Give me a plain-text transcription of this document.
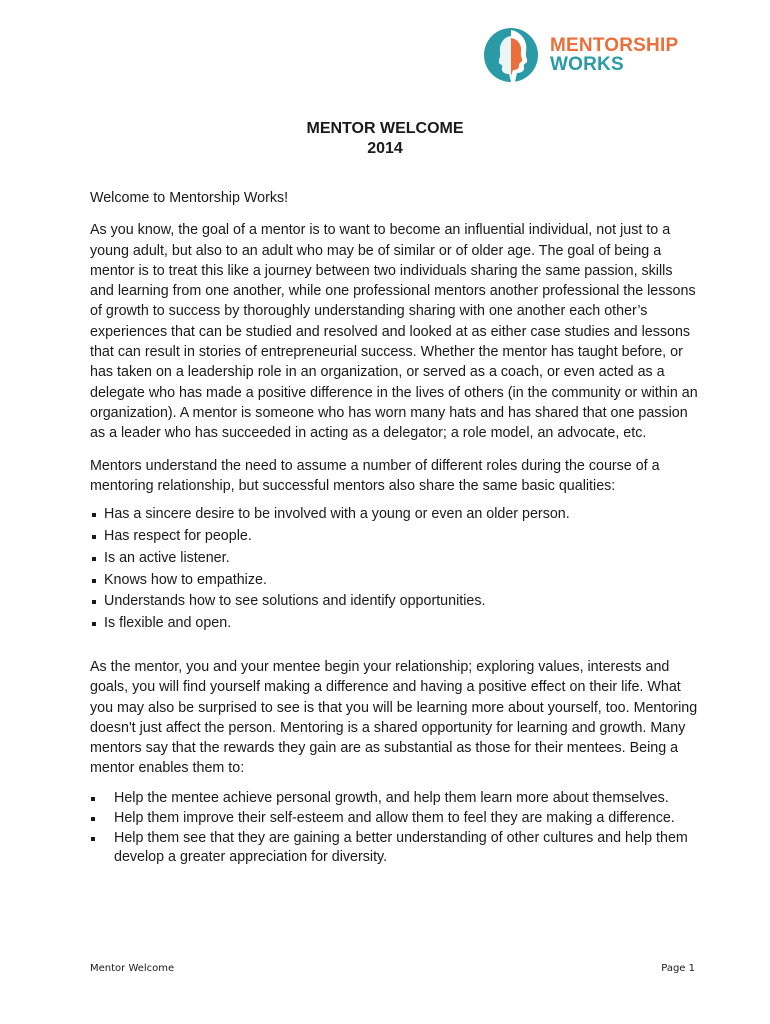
MENTORSHIP
WORKS
MENTOR WELCOME
2014

Welcome to Mentorship Works!

As you know, the goal of a mentor is to want to become an influential individual, not just to a young adult, but also to an adult who may be of similar or of older age. The goal of being a mentor is to treat this like a journey between two individuals sharing the same passion, skills and learning from one another, while one professional mentors another professional the lessons of growth to success by thoroughly understanding sharing with one another each other’s experiences that can be studied and resolved and looked at as either case studies and lessons that can result in stories of entrepreneurial success. Whether the mentor has taught before, or has taken on a leadership role in an organization, or served as a coach, or even acted as a delegate who has made a positive difference in the lives of others (in the community or within an organization). A mentor is someone who has worn many hats and has shared that one passion as a leader who has succeeded in acting as a delegator; a role model, an advocate, etc.

Mentors understand the need to assume a number of different roles during the course of a mentoring relationship, but successful mentors also share the same basic qualities:

Has a sincere desire to be involved with a young or even an older person.
Has respect for people.
Is an active listener.
Knows how to empathize.
Understands how to see solutions and identify opportunities.
Is flexible and open.

As the mentor, you and your mentee begin your relationship; exploring values, interests and goals, you will find yourself making a difference and having a positive effect on their life. What you may also be surprised to see is that you will be learning more about yourself, too. Mentoring doesn't just affect the person. Mentoring is a shared opportunity for learning and growth. Many mentors say that the rewards they gain are as substantial as those for their mentees. Being a mentor enables them to:

Help the mentee achieve personal growth, and help them learn more about themselves.
Help them improve their self-esteem and allow them to feel they are making a difference.
Help them see that they are gaining a better understanding of other cultures and help them develop a greater appreciation for diversity.
Mentor Welcome	Page 1
